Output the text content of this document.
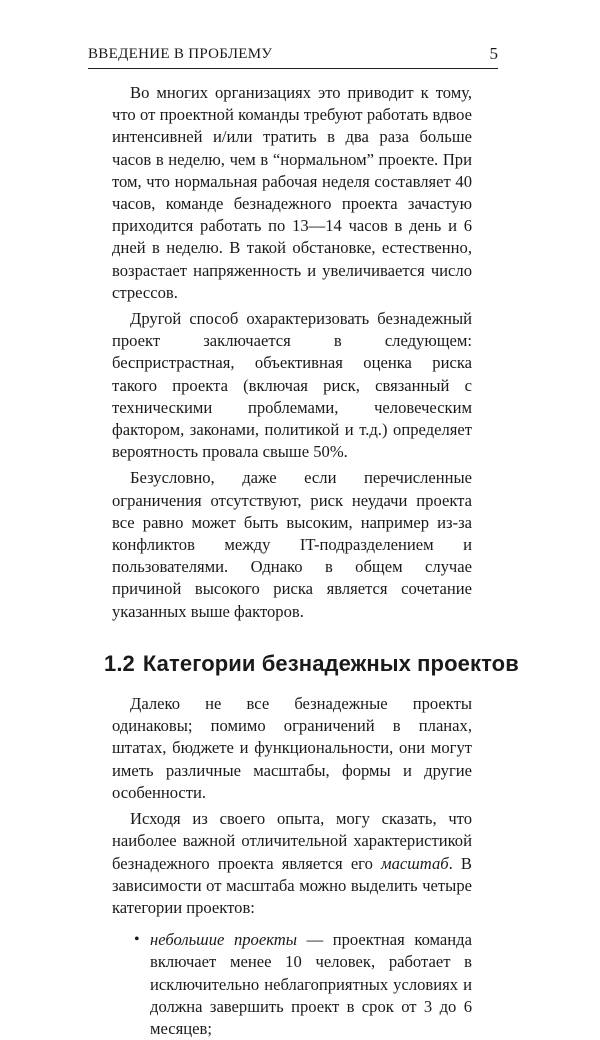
ВВЕДЕНИЕ В ПРОБЛЕМУ	5

Во многих организациях это приводит к тому, что от проектной команды требуют работать вдвое интенсивней и/или тратить в два раза больше часов в неделю, чем в “нормальном” проекте. При том, что нормальная рабочая неделя составляет 40 часов, команде безнадежного проекта зачастую приходится работать по 13—14 часов в день и 6 дней в неделю. В такой обстановке, естественно, возрастает напряженность и увеличивается число стрессов.

Другой способ охарактеризовать безнадежный проект заключается в следующем: беспристрастная, объективная оценка риска такого проекта (включая риск, связанный с техническими проблемами, человеческим фактором, законами, политикой и т.д.) определяет вероятность провала свыше 50%.

Безусловно, даже если перечисленные ограничения отсутствуют, риск неудачи проекта все равно может быть высоким, например из-за конфликтов между IT-подразделением и пользователями. Однако в общем случае причиной высокого риска является сочетание указанных выше факторов.

1.2 Категории безнадежных проектов

Далеко не все безнадежные проекты одинаковы; помимо ограничений в планах, штатах, бюджете и функциональности, они могут иметь различные масштабы, формы и другие особенности.

Исходя из своего опыта, могу сказать, что наиболее важной отличительной характеристикой безнадежного проекта является его масштаб. В зависимости от масштаба можно выделить четыре категории проектов:

• небольшие проекты — проектная команда включает менее 10 человек, работает в исключительно неблагоприятных условиях и должна завершить проект в срок от 3 до 6 месяцев;
